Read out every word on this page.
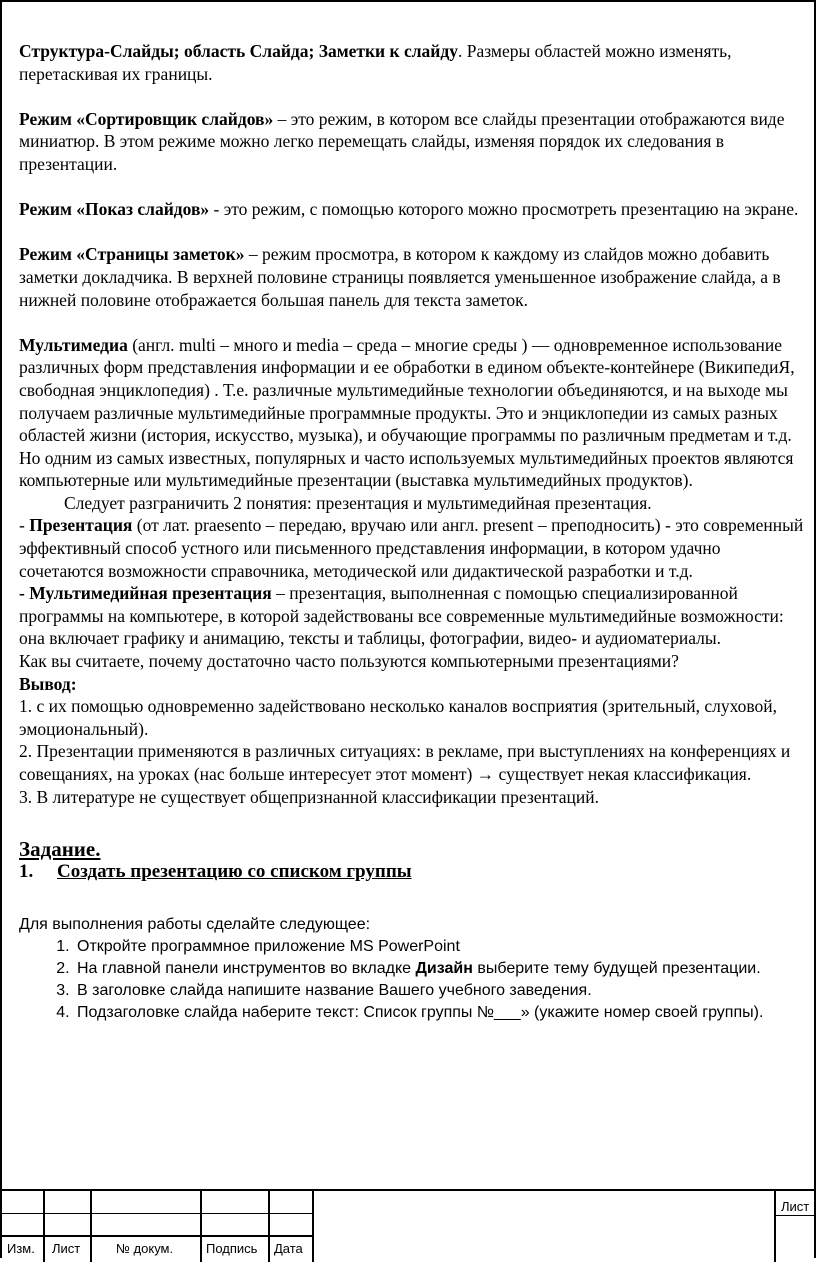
Структура-Слайды; область Слайда; Заметки к слайду. Размеры областей можно изменять, перетаскивая их границы.

Режим «Сортировщик слайдов» – это режим, в котором все слайды презентации отображаются виде миниатюр. В этом режиме можно легко перемещать слайды, изменяя порядок их следования в презентации.

Режим «Показ слайдов» - это режим, с помощью которого можно просмотреть презентацию на экране.

Режим «Страницы заметок» – режим просмотра, в котором к каждому из слайдов можно добавить заметки докладчика. В верхней половине страницы появляется уменьшенное изображение слайда, а в нижней половине отображается большая панель для текста заметок.

Мультимедиа (англ. multi – много и media – среда – многие среды ) — одновременное использование различных форм представления информации и ее обработки в едином объекте-контейнере (ВикипедиЯ, свободная энциклопедия) . Т.е. различные мультимедийные технологии объединяются, и на выходе мы получаем различные мультимедийные программные продукты. Это и энциклопедии из самых разных областей жизни (история, искусство, музыка), и обучающие программы по различным предметам и т.д. Но одним из самых известных, популярных и часто используемых мультимедийных проектов являются компьютерные или мультимедийные презентации (выставка мультимедийных продуктов).

Следует разграничить 2 понятия: презентация и мультимедийная презентация.

- Презентация (от лат. praesento – передаю, вручаю или англ. present – преподносить) - это современный эффективный способ устного или письменного представления информации, в котором удачно сочетаются возможности справочника, методической или дидактической разработки и т.д.

- Мультимедийная презентация – презентация, выполненная с помощью специализированной программы на компьютере, в которой задействованы все современные мультимедийные возможности: она включает графику и анимацию, тексты и таблицы, фотографии, видео- и аудиоматериалы.

Как вы считаете, почему достаточно часто пользуются компьютерными презентациями?

Вывод:

1. с их помощью одновременно задействовано несколько каналов восприятия (зрительный, слуховой, эмоциональный).

2. Презентации применяются в различных ситуациях: в рекламе, при выступлениях на конференциях и совещаниях, на уроках (нас больше интересует этот момент) → существует некая классификация.

3. В литературе не существует общепризнанной классификации презентаций.

Задание.

1. Создать презентацию со списком группы

Для выполнения работы сделайте следующее:

1. Откройте программное приложение MS PowerPoint
2. На главной панели инструментов во вкладке Дизайн выберите тему будущей презентации.
3. В заголовке слайда напишите название Вашего учебного заведения.
4. Подзаголовке слайда наберите текст: Список группы №___» (укажите номер своей группы).
Изм. Лист	№ докум.	Подпись Дата
Лист
